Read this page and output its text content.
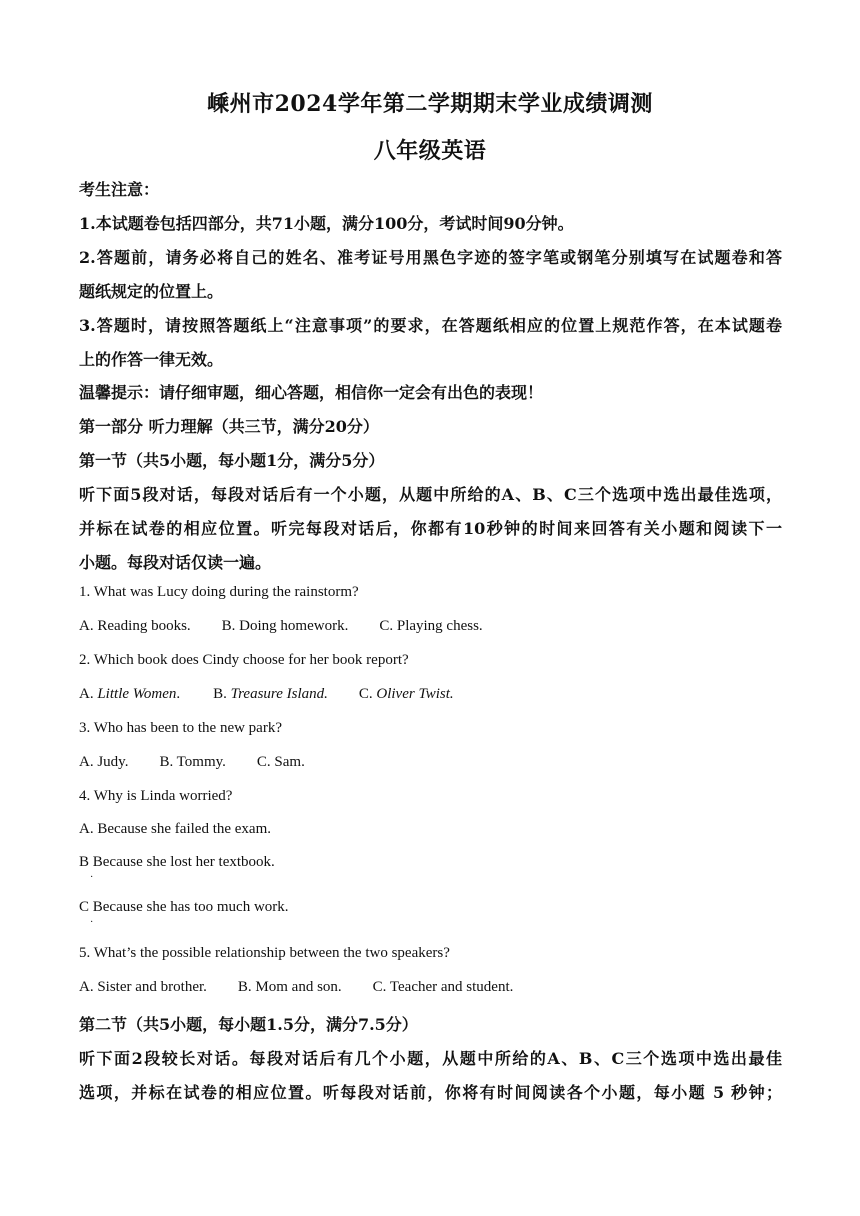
嵊州市2024学年第二学期期末学业成绩调测
八年级英语
考生注意：
1.本试题卷包括四部分，共71小题，满分100分，考试时间90分钟。
2.答题前，请务必将自己的姓名、准考证号用黑色字迹的签字笔或钢笔分别填写在试题卷和答
题纸规定的位置上。
3.答题时，请按照答题纸上“注意事项”的要求，在答题纸相应的位置上规范作答，在本试题卷
上的作答一律无效。
温馨提示：请仔细审题，细心答题，相信你一定会有出色的表现！
第一部分 听力理解（共三节，满分20分）
第一节（共5小题，每小题1分，满分5分）
听下面5段对话，每段对话后有一个小题，从题中所给的A、B、C三个选项中选出最佳选项，
并标在试卷的相应位置。听完每段对话后，你都有10秒钟的时间来回答有关小题和阅读下一
小题。每段对话仅读一遍。
1. What was Lucy doing during the rainstorm?
A. Reading books. B. Doing homework. C. Playing chess.
2. Which book does Cindy choose for her book report?
A. Little Women. B. Treasure Island. C. Oliver Twist.
3. Who has been to the new park?
A. Judy. B. Tommy. C. Sam.
4. Why is Linda worried?
A. Because she failed the exam.
B Because she lost her textbook.
·
C Because she has too much work.
·
5. What’s the possible relationship between the two speakers?
A. Sister and brother. B. Mom and son. C. Teacher and student.
第二节（共5小题，每小题1.5分，满分7.5分）
听下面2段较长对话。每段对话后有几个小题，从题中所给的A、B、C三个选项中选出最佳
选项，并标在试卷的相应位置。听每段对话前，你将有时间阅读各个小题，每小题 5 秒钟；
